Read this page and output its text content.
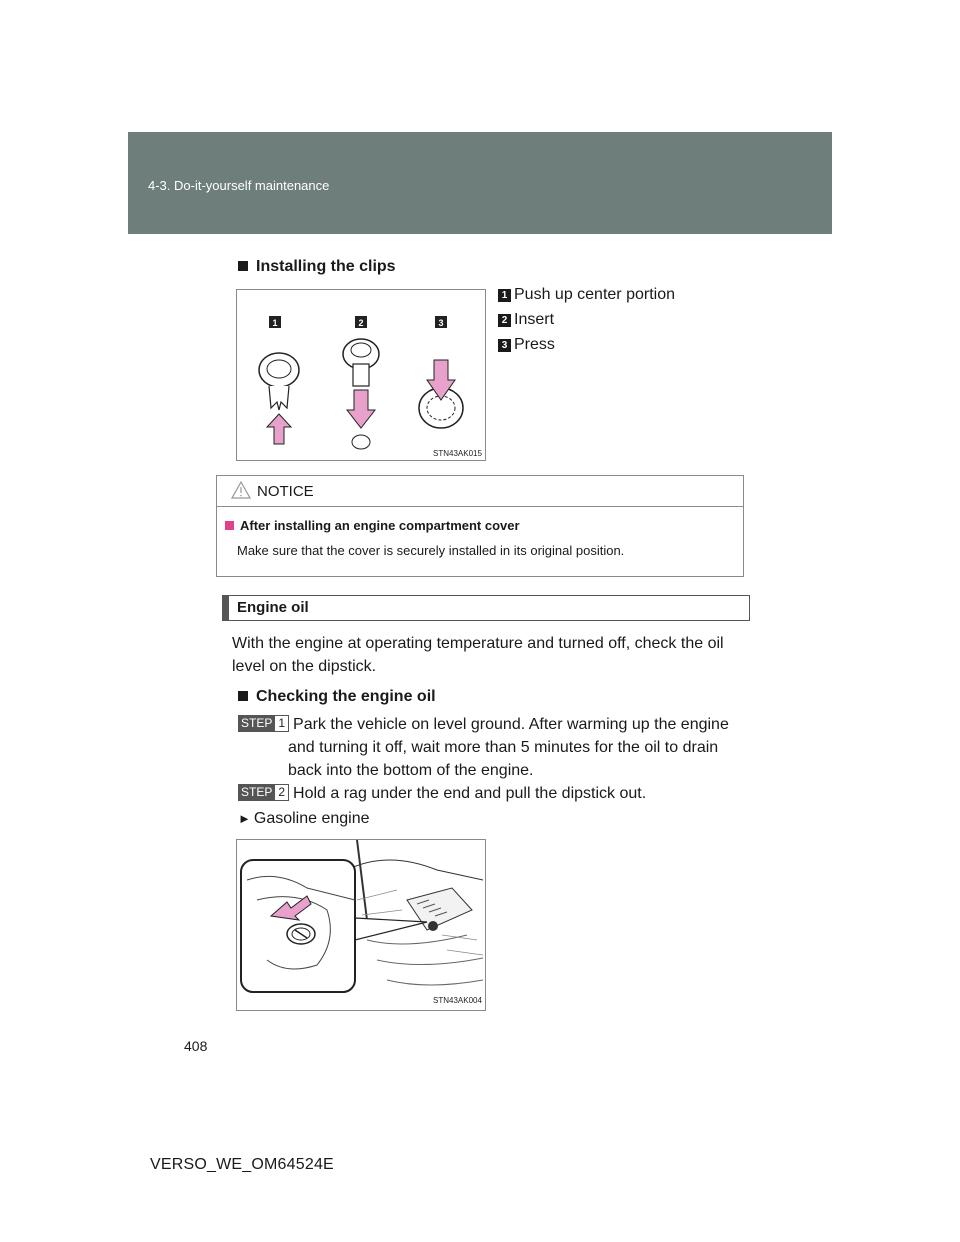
4-3. Do-it-yourself maintenance
Installing the clips
1	2	3
STN43AK015
1 Push up center portion
2 Insert
3 Press
NOTICE
After installing an engine compartment cover
Make sure that the cover is securely installed in its original position.
Engine oil
With the engine at operating temperature and turned off, check the oil
level on the dipstick.
Checking the engine oil
STEP 1 Park the vehicle on level ground. After warming up the engine
and turning it off, wait more than 5 minutes for the oil to drain
back into the bottom of the engine.
STEP 2 Hold a rag under the end and pull the dipstick out.
► Gasoline engine
STN43AK004
408
VERSO_WE_OM64524E
